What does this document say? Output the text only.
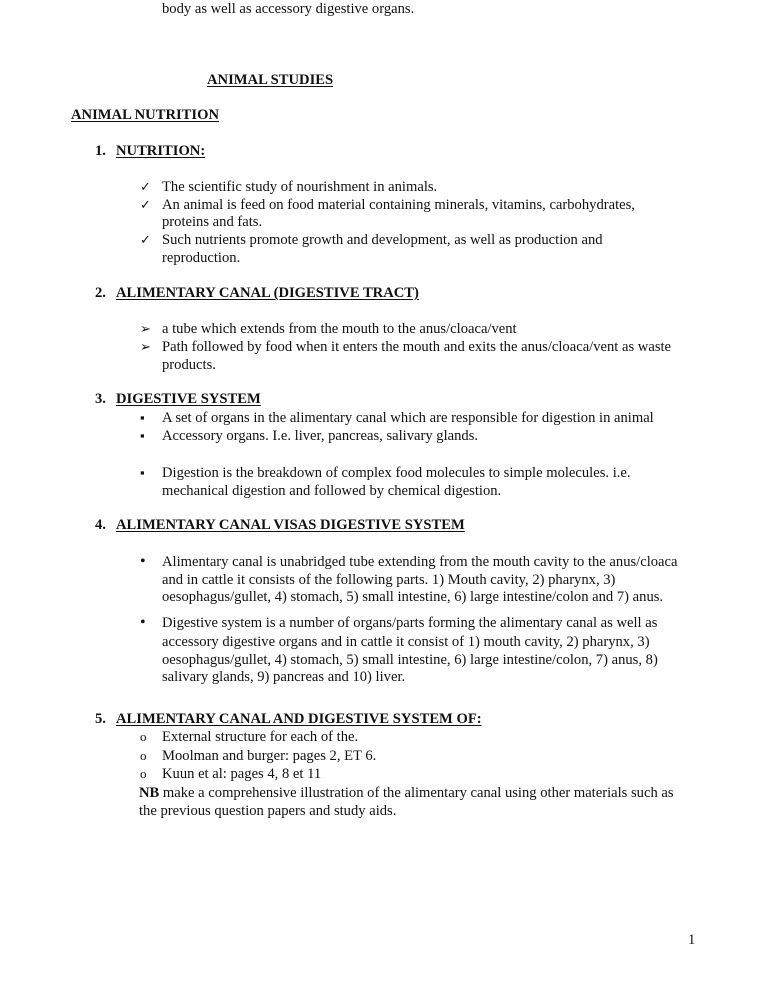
ANIMAL STUDIES
ANIMAL NUTRITION
1. NUTRITION:
✓ The scientific study of nourishment in animals.
✓ An animal is feed on food material containing minerals, vitamins, carbohydrates,
proteins and fats.
✓ Such nutrients promote growth and development, as well as production and
reproduction.
2. ALIMENTARY CANAL (DIGESTIVE TRACT)
➢ a tube which extends from the mouth to the anus/cloaca/vent
➢ Path followed by food when it enters the mouth and exits the anus/cloaca/vent as waste
products.
3. DIGESTIVE SYSTEM
▪ A set of organs in the alimentary canal which are responsible for digestion in animal
body as well as accessory digestive organs.
▪ Accessory organs. I.e. liver, pancreas, salivary glands.
▪ Digestion is the breakdown of complex food molecules to simple molecules. i.e.
mechanical digestion and followed by chemical digestion.
4. ALIMENTARY CANAL VISAS DIGESTIVE SYSTEM
• Alimentary canal is unabridged tube extending from the mouth cavity to the anus/cloaca
and in cattle it consists of the following parts. 1) Mouth cavity, 2) pharynx, 3)
oesophagus/gullet, 4) stomach, 5) small intestine, 6) large intestine/colon and 7) anus.
• Digestive system is a number of organs/parts forming the alimentary canal as well as
accessory digestive organs and in cattle it consist of 1) mouth cavity, 2) pharynx, 3)
oesophagus/gullet, 4) stomach, 5) small intestine, 6) large intestine/colon, 7) anus, 8)
salivary glands, 9) pancreas and 10) liver.
5. ALIMENTARY CANAL AND DIGESTIVE SYSTEM OF:
o External structure for each of the.
o Moolman and burger: pages 2, ET 6.
o Kuun et al: pages 4, 8 et 11
NB make a comprehensive illustration of the alimentary canal using other materials such as
the previous question papers and study aids.
1
